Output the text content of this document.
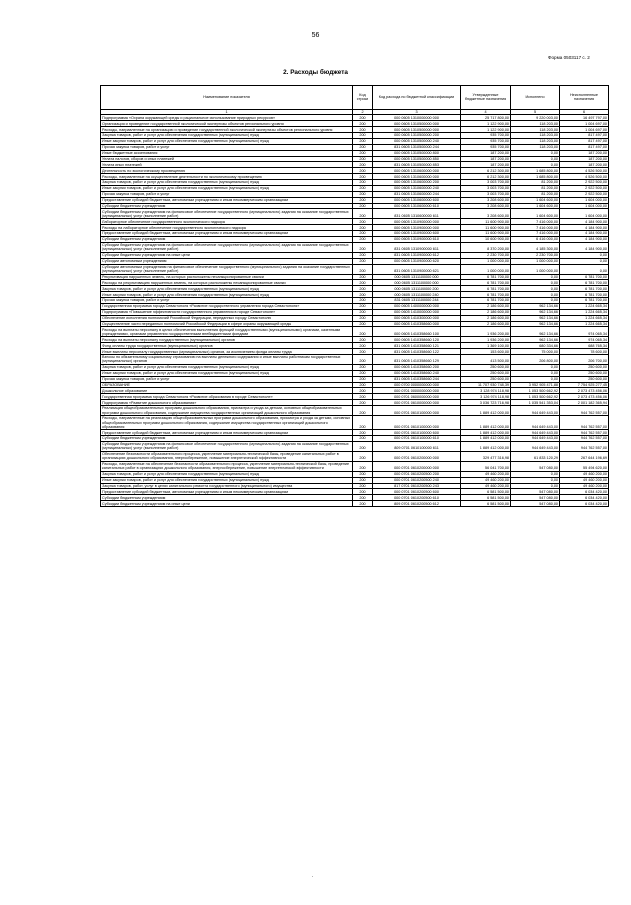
56
Форма 0503117 с. 2
2. Расходы бюджета
Наименование показателя	Код строки	Код расхода по бюджетной классификации	Утвержденные бюджетные назначения	Исполнено	Неисполненные назначения
1	2	3	4	5	6
Подпрограмма «Охрана окружающей среды и рациональное использование природных ресурсов»	200	000 0605 1310000000 000	25 717 800,00	9 220 003,00	16 497 797,00
Организация и проведение государственной экологической экспертизы объектов регионального уровня	200	000 0605 1310500000 000	1 122 900,00	118 203,00	1 004 697,00
Расходы, направленные на организацию и проведение государственной экологической экспертизы объектов регионального уровня	200	000 0605 1310500000 000	1 122 900,00	118 203,00	1 004 697,00
Закупка товаров, работ и услуг для обеспечения государственных (муниципальных) нужд	200	000 0605 1310500000 200	935 700,00	118 203,00	817 497,00
Иные закупки товаров, работ и услуг для обеспечения государственных (муниципальных) нужд	200	000 0605 1310500000 240	935 700,00	118 203,00	817 497,00
Прочая закупка товаров, работ и услуг	200	831 0605 1310500000 244	935 700,00	118 203,00	817 497,00
Иные бюджетные ассигнования	200	000 0605 1310500000 800	187 200,00	0,00	187 200,00
Уплата налогов, сборов и иных платежей	200	000 0605 1310500000 850	187 200,00	0,00	187 200,00
Уплата иных платежей	200	831 0605 1310500000 853	187 200,00	0,00	187 200,00
Деятельность по экологическому просвещению	200	000 0605 1310600000 000	6 212 300,00	1 685 800,00	4 526 500,00
Расходы, направленные на осуществление деятельности по экологическому просвещению	200	000 0605 1310600000 000	6 212 300,00	1 685 800,00	4 526 500,00
Закупка товаров, работ и услуг для обеспечения государственных (муниципальных) нужд	200	000 0605 1310600000 200	3 003 700,00	81 200,00	2 922 500,00
Иные закупки товаров, работ и услуг для обеспечения государственных (муниципальных) нужд	200	000 0605 1310600000 240	3 003 700,00	81 200,00	2 922 500,00
Прочая закупка товаров, работ и услуг	200	831 0605 1310600000 244	3 003 700,00	81 200,00	2 922 500,00
Предоставление субсидий бюджетным, автономным учреждениям и иным некоммерческим организациям	200	000 0605 1310600000 600	3 208 600,00	1 604 600,00	1 604 000,00
Субсидии бюджетным учреждениям	200	000 0605 1310600000 610	3 208 600,00	1 604 600,00	1 604 000,00
Субсидии бюджетным учреждениям на финансовое обеспечение государственного (муниципального) задания на оказание государственных (муниципальных) услуг (выполнение работ)	200	831 0605 1310600000 611	3 208 600,00	1 604 600,00	1 604 000,00
Лабораторное обеспечение государственного экологического надзора	200	000 0605 1310900000 000	11 600 900,00	7 416 000,00	4 184 900,00
Расходы на лабораторное обеспечение государственного экологического надзора	200	000 0605 1310900000 000	11 600 900,00	7 416 000,00	4 184 900,00
Предоставление субсидий бюджетным, автономным учреждениям и иным некоммерческим организациям	200	000 0605 1310900000 600	11 600 900,00	7 416 000,00	4 184 900,00
Субсидии бюджетным учреждениям	200	000 0605 1310900000 610	10 600 900,00	6 416 000,00	4 184 900,00
Субсидии бюджетным учреждениям на финансовое обеспечение государственного (муниципального) задания на оказание государственных (муниципальных) услуг (выполнение работ)	200	831 0605 1310900000 611	8 370 200,00	4 185 300,00	4 184 900,00
Субсидии бюджетным учреждениям на иные цели	200	831 0605 1310900000 612	2 230 700,00	2 230 700,00	0,00
Субсидии автономным учреждениям	200	000 0605 1310900000 620	1 000 000,00	1 000 000,00	0,00
Субсидии автономным учреждениям на финансовое обеспечение государственного (муниципального) задания на оказание государственных (муниципальных) услуг (выполнение работ)	200	831 0605 1310900000 621	1 000 000,00	1 000 000,00	0,00
Рекультивация нарушенных земель, на которых расположены несанкционированные свалки	200	000 0605 1311100000 000	6 781 700,00	0,00	6 781 700,00
Расходы на рекультивацию нарушенных земель, на которых расположены несанкционированные свалки	200	000 0605 1311100000 000	6 781 700,00	0,00	6 781 700,00
Закупка товаров, работ и услуг для обеспечения государственных (муниципальных) нужд	200	000 0605 1311100000 200	6 781 700,00	0,00	6 781 700,00
Иные закупки товаров, работ и услуг для обеспечения государственных (муниципальных) нужд	200	000 0605 1311100000 240	6 781 700,00	0,00	6 781 700,00
Прочая закупка товаров, работ и услуг	200	831 0605 1311100000 244	6 781 700,00	0,00	6 781 700,00
Государственная программа города Севастополя «Развитие государственного управления города Севастополя»	200	000 0605 1400000000 000	2 186 600,00	962 134,66	1 224 665,34
Подпрограмма «Повышение эффективности государственного управления в городе Севастополе»	200	000 0605 1410000000 000	2 186 600,00	962 134,66	1 224 665,34
Обеспечение исполнения полномочий Российской Федерации, переданных городу Севастополю	200	000 0605 1410300000 000	2 186 600,00	962 134,66	1 224 665,34
Осуществление части переданных полномочий Российской Федерации в сфере охраны окружающей среды	200	000 0605 1410358660 000	2 186 600,00	962 134,66	1 224 665,34
Расходы на выплаты персоналу в целях обеспечения выполнения функций государственными (муниципальными) органами, казенными учреждениями, органами управления государственными внебюджетными фондами	200	000 0605 1410358660 100	1 936 200,00	962 134,66	974 065,34
Расходы на выплаты персоналу государственных (муниципальных) органов	200	000 0605 1410358660 120	1 936 200,00	962 134,66	974 065,34
Фонд оплаты труда государственных (муниципальных) органов	200	831 0605 1410358660 121	1 369 100,00	680 334,66	688 765,34
Иные выплаты персоналу государственных (муниципальных) органов, за исключением фонда оплаты труда	200	831 0605 1410358660 122	153 600,00	75 000,00	78 600,00
Взносы по обязательному социальному страхованию на выплаты денежного содержания и иные выплаты работникам государственных (муниципальных) органов	200	831 0605 1410358660 129	413 500,00	206 800,00	206 700,00
Закупка товаров, работ и услуг для обеспечения государственных (муниципальных) нужд	200	000 0605 1410358660 200	250 600,00	0,00	250 600,00
Иные закупки товаров, работ и услуг для обеспечения государственных (муниципальных) нужд	200	000 0605 1410358660 240	250 600,00	0,00	250 600,00
Прочая закупка товаров, работ и услуг	200	831 0605 1410358660 244	250 600,00	0,00	250 600,00
ОБРАЗОВАНИЕ	200	000 0700 0000000000 000	11 707 930 748,39	3 952 905 471,88	7 754 925 277,45
Дошкольное образование	200	000 0701 0000000000 000	3 128 974 118,98	1 053 500 662,92	2 073 473 456,06
Государственная программа города Севастополя «Развитие образования в городе Севастополе»	200	000 0701 0600000000 000	3 126 974 118,98	1 053 500 662,92	2 073 473 456,06
Подпрограмма «Развитие дошкольного образования»	200	000 0701 0610000000 000	3 036 723 716,98	1 035 541 353,04	2 001 182 365,94
Реализация общеобразовательных программ дошкольного образования, присмотра и ухода за детьми, основных общеобразовательных программ дошкольного образования, содержание имущества государственных организаций дошкольного образования	200	000 0701 0610100000 000	1 889 412 000,00	944 649 443,00	944 762 557,00
Расходы, направленные на реализацию общеобразовательных программ дошкольного образования, присмотра и ухода за детьми, основных общеобразовательных программ дошкольного образования, содержание имущества государственных организаций дошкольного образования	200	000 0701 0610100000 000	1 889 412 000,00	944 649 443,00	944 762 557,00
Предоставление субсидий бюджетным, автономным учреждениям и иным некоммерческим организациям	200	000 0701 0610100000 600	1 889 412 000,00	944 649 443,00	944 762 557,00
Субсидии бюджетным учреждениям	200	000 0701 0610100000 610	1 889 412 000,00	944 649 443,00	944 762 557,00
Субсидии бюджетным учреждениям на финансовое обеспечение государственного (муниципального) задания на оказание государственных (муниципальных) услуг (выполнение работ)	200	809 0701 0610100000 611	1 889 412 000,00	944 649 443,00	944 762 557,00
Обеспечение безопасности образовательного процесса, укрепление материально-технической базы, проведение капитальных работ в организациях дошкольного образования, энергосбережение, повышение энергетической эффективности	200	000 0701 0610200000 000	329 477 316,98	61 833 120,29	267 644 196,69
Расходы, направленные на обеспечение безопасности образовательного процесса, укрепление материально-технической базы, проведение капитальных работ в организациях дошкольного образования, энергосбережение, повышение энергетической эффективности	200	000 0701 0610200000 000	56 041 700,00	547 080,00	55 494 620,00
Закупка товаров, работ и услуг для обеспечения государственных (муниципальных) нужд	200	000 0701 0610200500 200	49 460 200,00	0,00	49 460 200,00
Иные закупки товаров, работ и услуг для обеспечения государственных (муниципальных) нужд	200	000 0701 0610200500 240	49 460 200,00	0,00	49 460 200,00
Закупка товаров, работ, услуг в целях капитального ремонта государственного (муниципального) имущества	200	817 0701 0610200500 243	49 460 200,00	0,00	49 460 200,00
Предоставление субсидий бюджетным, автономным учреждениям и иным некоммерческим организациям	200	000 0701 0610200500 600	6 581 500,00	547 080,00	6 034 420,00
Субсидии бюджетным учреждениям	200	000 0701 0610200500 610	6 581 500,00	547 080,00	6 034 420,00
Субсидии бюджетным учреждениям на иные цели	200	809 0701 0610200500 612	6 581 500,00	547 080,00	6 034 420,00
.
